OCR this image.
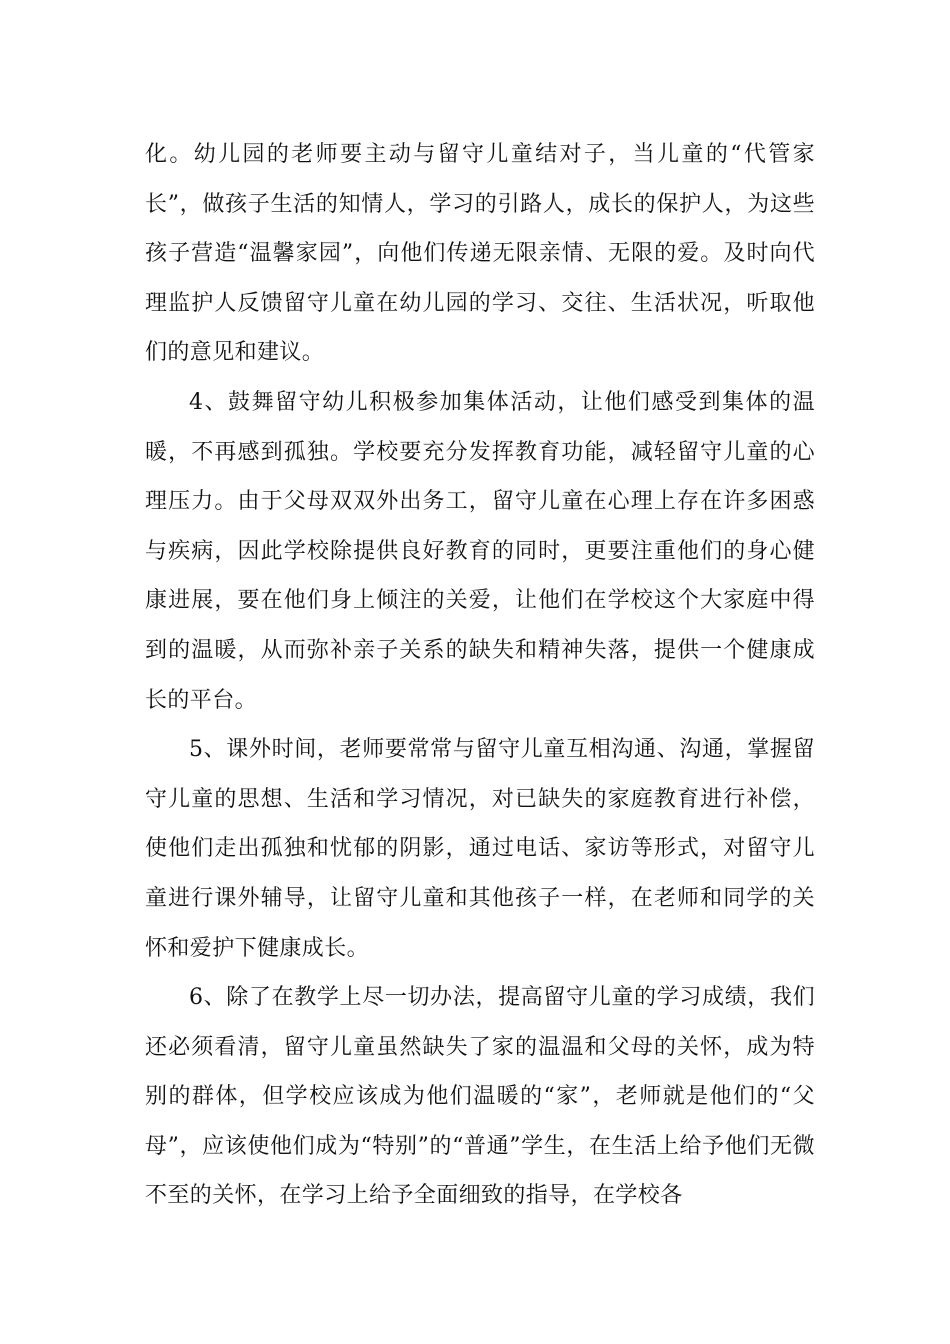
化。幼儿园的老师要主动与留守儿童结对子，当儿童的“代管家长”，做孩子生活的知情人，学习的引路人，成长的保护人，为这些孩子营造“温馨家园”，向他们传递无限亲情、无限的爱。及时向代理监护人反馈留守儿童在幼儿园的学习、交往、生活状况，听取他们的意见和建议。

4、鼓舞留守幼儿积极参加集体活动，让他们感受到集体的温暖，不再感到孤独。学校要充分发挥教育功能，减轻留守儿童的心理压力。由于父母双双外出务工，留守儿童在心理上存在许多困惑与疾病，因此学校除提供良好教育的同时，更要注重他们的身心健康进展，要在他们身上倾注的关爱，让他们在学校这个大家庭中得到的温暖，从而弥补亲子关系的缺失和精神失落，提供一个健康成长的平台。

5、课外时间，老师要常常与留守儿童互相沟通、沟通，掌握留守儿童的思想、生活和学习情况，对已缺失的家庭教育进行补偿，使他们走出孤独和忧郁的阴影，通过电话、家访等形式，对留守儿童进行课外辅导，让留守儿童和其他孩子一样，在老师和同学的关怀和爱护下健康成长。

6、除了在教学上尽一切办法，提高留守儿童的学习成绩，我们还必须看清，留守儿童虽然缺失了家的温温和父母的关怀，成为特别的群体，但学校应该成为他们温暖的“家”，老师就是他们的“父母”，应该使他们成为“特别”的“普通”学生，在生活上给予他们无微不至的关怀，在学习上给予全面细致的指导，在学校各
